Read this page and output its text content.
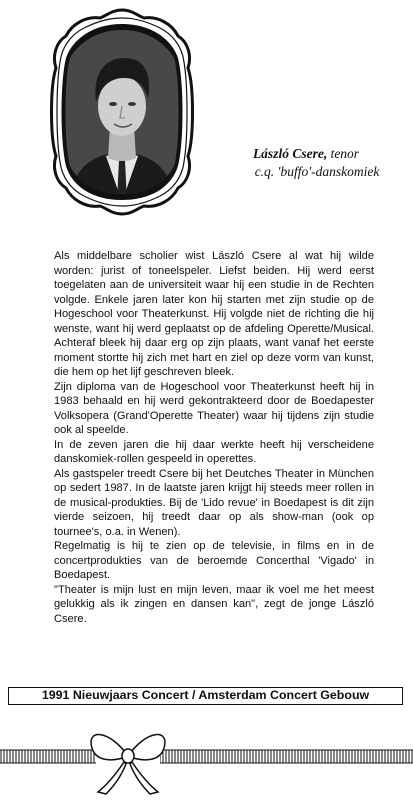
László Csere, tenor
c.q. 'buffo'-danskomiek

Als middelbare scholier wist László Csere al wat hij wilde worden: jurist of toneelspeler. Liefst beiden. Hij werd eerst toegelaten aan de universiteit waar hij een studie in de Rechten volgde. Enkele jaren later kon hij starten met zijn studie op de Hogeschool voor Theaterkunst. Hij volgde niet de richting die hij wenste, want hij werd geplaatst op de afdeling Operette/Musical. Achteraf bleek hij daar erg op zijn plaats, want vanaf het eerste moment stortte hij zich met hart en ziel op deze vorm van kunst, die hem op het lijf geschreven bleek.

Zijn diploma van de Hogeschool voor Theaterkunst heeft hij in 1983 behaald en hij werd gekontrakteerd door de Boedapester Volksopera (Grand'Operette Theater) waar hij tijdens zijn studie ook al speelde.

In de zeven jaren die hij daar werkte heeft hij verscheidene danskomiek-rollen gespeeld in operettes.

Als gastspeler treedt Csere bij het Deutches Theater in München op sedert 1987. In de laatste jaren krijgt hij steeds meer rollen in de musical-produkties. Bij de 'Lido revue' in Boedapest is dit zijn vierde seizoen, hij treedt daar op als show-man (ook op tournee's, o.a. in Wenen).

Regelmatig is hij te zien op de televisie, in films en in de concertprodukties van de beroemde Concerthal 'Vigado' in Boedapest.

"Theater is mijn lust en mijn leven, maar ik voel me het meest gelukkig als ik zingen en dansen kan", zegt de jonge László Csere.

1991 Nieuwjaars Concert / Amsterdam Concert Gebouw
